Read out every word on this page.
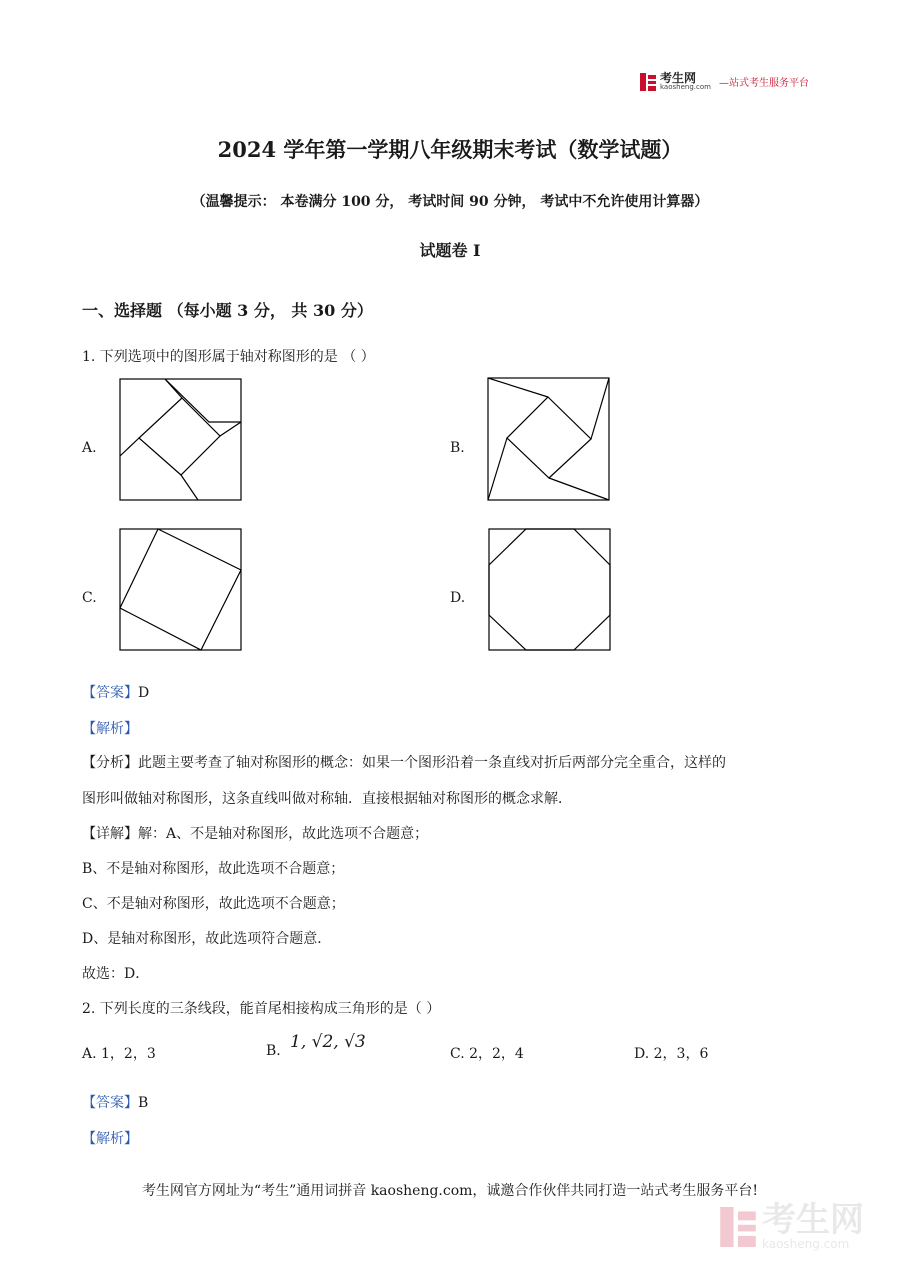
考生网
kaosheng.com —站式考生服务平台
2024 学年第一学期八年级期末考试（数学试题）
（温馨提示： 本卷满分 100 分， 考试时间 90 分钟， 考试中不允许使用计算器）
试题卷 Ⅰ
一、选择题 （每小题 3 分， 共 30 分）
1. 下列选项中的图形属于轴对称图形的是 （ ）
A.	B.
C.	D.
【答案】D
【解析】
【分析】此题主要考查了轴对称图形的概念：如果一个图形沿着一条直线对折后两部分完全重合，这样的
图形叫做轴对称图形，这条直线叫做对称轴．直接根据轴对称图形的概念求解．
【详解】解：A、不是轴对称图形，故此选项不合题意；
B、不是轴对称图形，故此选项不合题意；
C、不是轴对称图形，故此选项不合题意；
D、是轴对称图形，故此选项符合题意．
故选：D．
2. 下列长度的三条线段，能首尾相接构成三角形的是（ ）
A. 1，2，3	B. 1, √2, √3
C. 2，2，4	D. 2，3，6
【答案】B
【解析】
考生网官方网址为“考生”通用词拼音 kaosheng.com，诚邀合作伙伴共同打造一站式考生服务平台!
考生网
kaosheng.com
